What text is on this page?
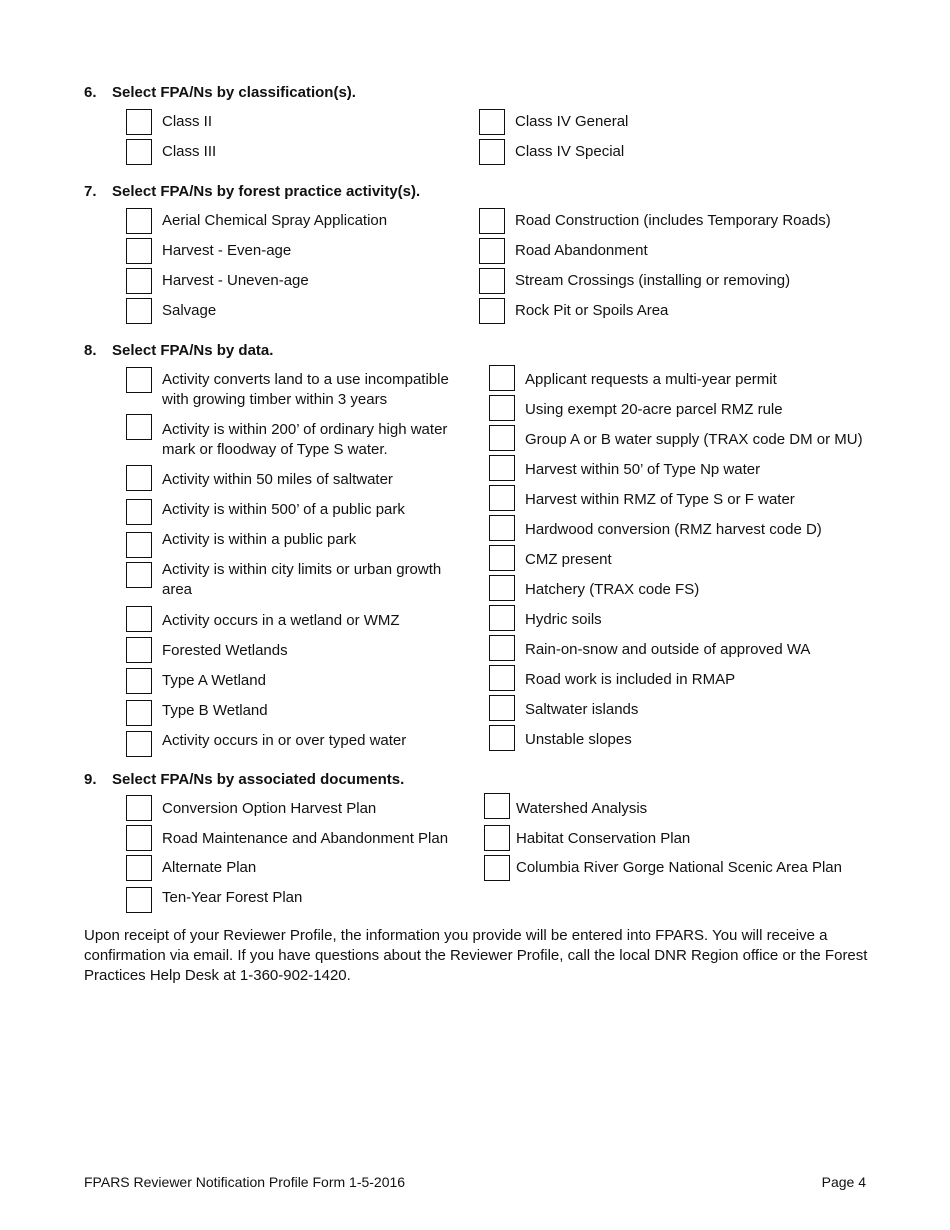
6. Select FPA/Ns by classification(s).
Class II
Class III
Class IV General
Class IV Special
7. Select FPA/Ns by forest practice activity(s).
Aerial Chemical Spray Application
Harvest - Even-age
Harvest - Uneven-age
Salvage
Road Construction (includes Temporary Roads)
Road Abandonment
Stream Crossings (installing or removing)
Rock Pit or Spoils Area
8. Select FPA/Ns by data.
Activity converts land to a use incompatible with growing timber within 3 years
Activity is within 200’ of ordinary high water mark or floodway of Type S water.
Activity within 50 miles of saltwater
Activity is within 500’ of a public park
Activity is within a public park
Activity is within city limits or urban growth area
Activity occurs in a wetland or WMZ
Forested Wetlands
Type A Wetland
Type B Wetland
Activity occurs in or over typed water
Applicant requests a multi-year permit
Using exempt 20-acre parcel RMZ rule
Group A or B water supply (TRAX code DM or MU)
Harvest within 50’ of Type Np water
Harvest within RMZ of Type S or F water
Hardwood conversion (RMZ harvest code D)
CMZ present
Hatchery (TRAX code FS)
Hydric soils
Rain-on-snow and outside of approved WA
Road work is included in RMAP
Saltwater islands
Unstable slopes
9. Select FPA/Ns by associated documents.
Conversion Option Harvest Plan
Road Maintenance and Abandonment Plan
Alternate Plan
Ten-Year Forest Plan
Watershed Analysis
Habitat Conservation Plan
Columbia River Gorge National Scenic Area Plan
Upon receipt of your Reviewer Profile, the information you provide will be entered into FPARS. You will receive a confirmation via email. If you have questions about the Reviewer Profile, call the local DNR Region office or the Forest Practices Help Desk at 1-360-902-1420.
FPARS Reviewer Notification Profile Form 1-5-2016	Page 4
